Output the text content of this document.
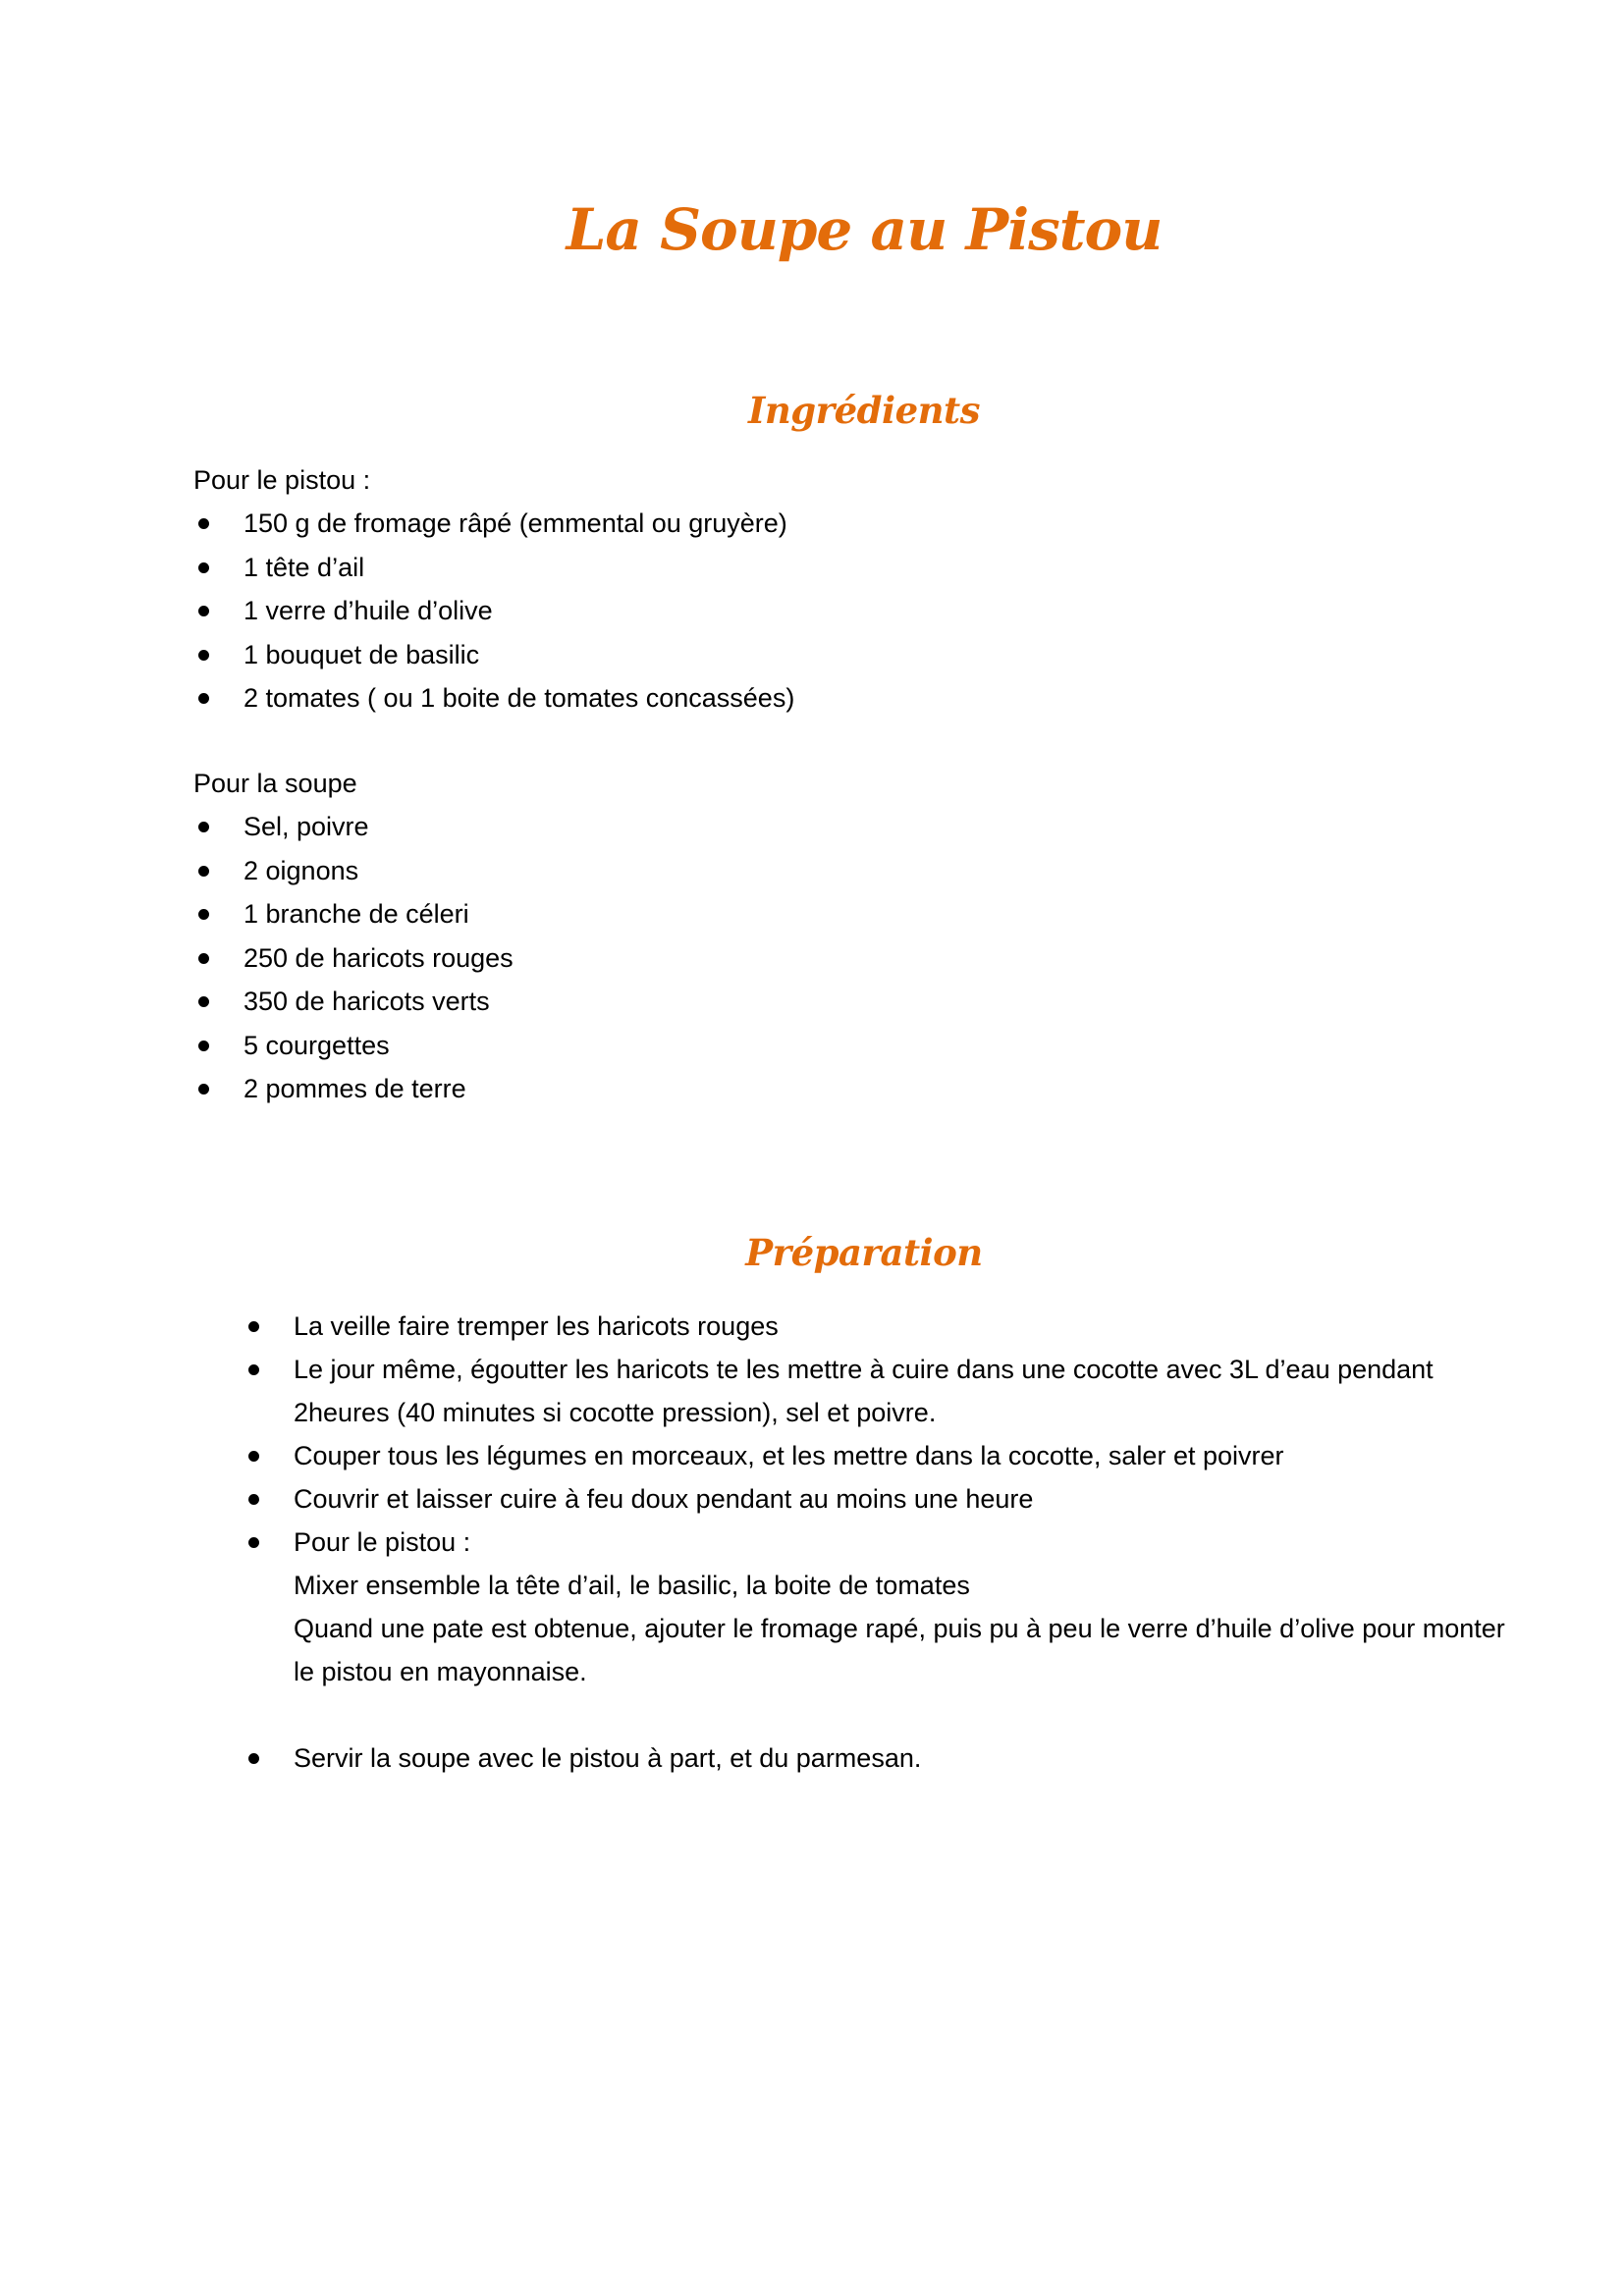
La Soupe au Pistou
Ingrédients

Pour le pistou :

150 g de fromage râpé (emmental ou gruyère)
1 tête d’ail
1 verre d’huile d’olive
1 bouquet de basilic
2 tomates ( ou 1 boite de tomates concassées)

Pour la soupe

Sel, poivre
2 oignons
1 branche de céleri
250 de haricots rouges
350 de haricots verts
5 courgettes
2 pommes de terre
Préparation
La veille faire tremper les haricots rouges
Le jour même, égoutter les haricots te les mettre à cuire dans une cocotte avec 3L d’eau pendant 2heures (40 minutes si cocotte pression), sel et poivre.
Couper tous les légumes en morceaux, et les mettre dans la cocotte, saler et poivrer
Couvrir et laisser cuire à feu doux pendant au moins une heure
Pour le pistou :
Mixer ensemble la tête d’ail, le basilic, la boite de tomates
Quand une pate est obtenue, ajouter le fromage rapé, puis pu à peu le verre d’huile d’olive pour monter le pistou en mayonnaise.
Servir la soupe avec le pistou à part, et du parmesan.
